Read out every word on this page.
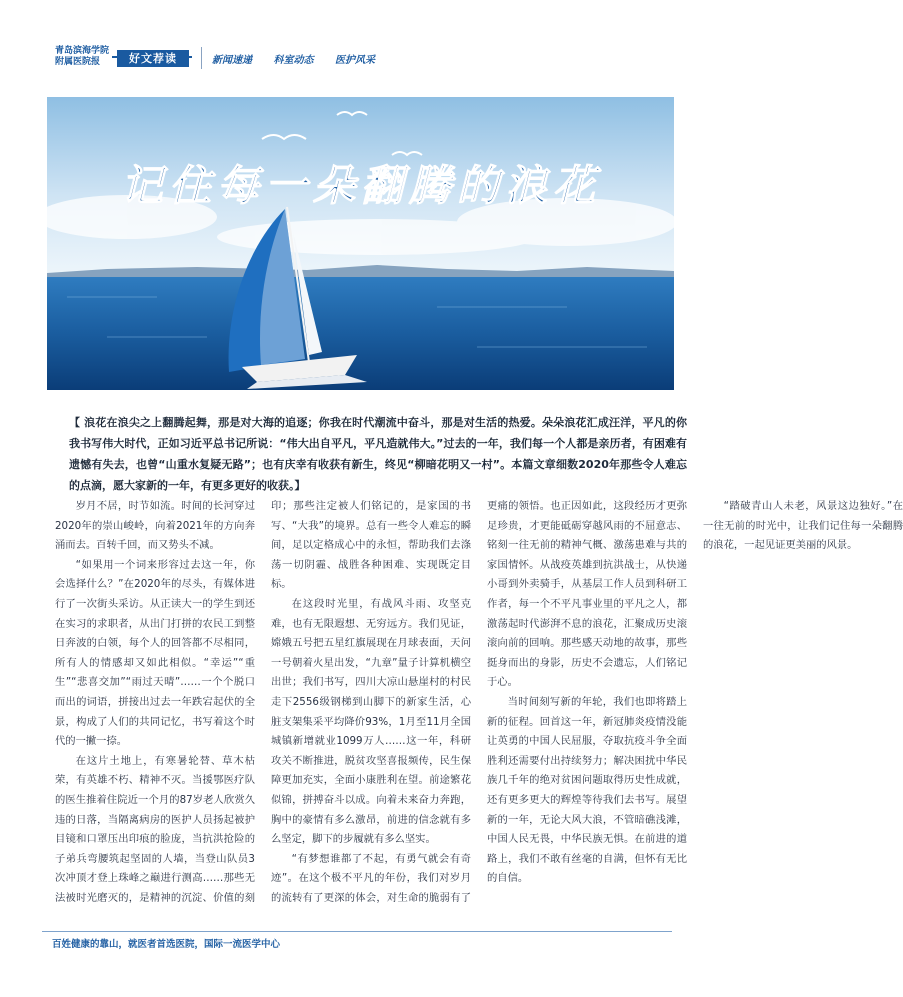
青岛滨海学院
附属医院报	好文荐读	新闻速递 科室动态 医护风采
记住每一朵翻腾的浪花
【 浪花在浪尖之上翻腾起舞，那是对大海的追逐；你我在时代潮流中奋斗，那是对生活的热爱。朵朵浪花汇成汪洋，平凡的你我书写伟大时代，正如习近平总书记所说：“伟大出自平凡，平凡造就伟大。”过去的一年，我们每一个人都是亲历者，有困难有遗憾有失去，也曾“山重水复疑无路”；也有庆幸有收获有新生，终见“柳暗花明又一村”。本篇文章细数2020年那些令人难忘的点滴，愿大家新的一年，有更多更好的收获。】

岁月不居，时节如流。时间的长河穿过2020年的崇山峻岭，向着2021年的方向奔涌而去。百转千回，而又势头不减。

“如果用一个词来形容过去这一年，你会选择什么？”在2020年的尽头，有媒体进行了一次街头采访。从正读大一的学生到还在实习的求职者，从出门打拼的农民工到整日奔波的白领，每个人的回答都不尽相同，所有人的情感却又如此相似。“幸运”“重生”“悲喜交加”“雨过天晴”……一个个脱口而出的词语，拼接出过去一年跌宕起伏的全景，构成了人们的共同记忆，书写着这个时代的一撇一捺。

在这片土地上，有寒暑轮替、草木枯荣，有英雄不朽、精神不灭。当援鄂医疗队的医生推着住院近一个月的87岁老人欣赏久违的日落，当隔离病房的医护人员扬起被护目镜和口罩压出印痕的脸庞，当抗洪抢险的子弟兵弯腰筑起坚固的人墙，当登山队员3次冲顶才登上珠峰之巅进行测高……那些无法被时光磨灭的，是精神的沉淀、价值的刻印；那些注定被人们铭记的，是家国的书写、“大我”的境界。总有一些令人难忘的瞬间，足以定格成心中的永恒，帮助我们去涤荡一切阴霾、战胜各种困难、实现既定目标。

在这段时光里，有战风斗雨、攻坚克难，也有无限遐想、无穷远方。我们见证，嫦娥五号把五星红旗展现在月球表面，天问一号朝着火星出发，“九章”量子计算机横空出世；我们书写，四川大凉山悬崖村的村民走下2556级钢梯到山脚下的新家生活，心脏支架集采平均降价93%，1月至11月全国城镇新增就业1099万人……这一年，科研攻关不断推进，脱贫攻坚喜报频传，民生保障更加充实，全面小康胜利在望。前途繁花似锦，拼搏奋斗以成。向着未来奋力奔跑，胸中的豪情有多么激昂，前进的信念就有多么坚定，脚下的步履就有多么坚实。

“有梦想谁都了不起，有勇气就会有奇迹”。在这个极不平凡的年份，我们对岁月的流转有了更深的体会，对生命的脆弱有了更痛的领悟。也正因如此，这段经历才更弥足珍贵，才更能砥砺穿越风雨的不屈意志、铭刻一往无前的精神气概、激荡患难与共的家国情怀。从战疫英雄到抗洪战士，从快递小哥到外卖骑手，从基层工作人员到科研工作者，每一个不平凡事业里的平凡之人，都激荡起时代澎湃不息的浪花，汇聚成历史滚滚向前的回响。那些感天动地的故事，那些挺身而出的身影，历史不会遗忘，人们铭记于心。

当时间刻写新的年轮，我们也即将踏上新的征程。回首这一年，新冠肺炎疫情没能让英勇的中国人民屈服，夺取抗疫斗争全面胜利还需要付出持续努力；解决困扰中华民族几千年的绝对贫困问题取得历史性成就，还有更多更大的辉煌等待我们去书写。展望新的一年，无论大风大浪，不管暗礁浅滩，中国人民无畏，中华民族无惧。在前进的道路上，我们不敢有丝毫的自满，但怀有无比的自信。

“踏破青山人未老，风景这边独好。”在一往无前的时光中，让我们记住每一朵翻腾的浪花，一起见证更美丽的风景。

百姓健康的靠山，就医者首选医院，国际一流医学中心
